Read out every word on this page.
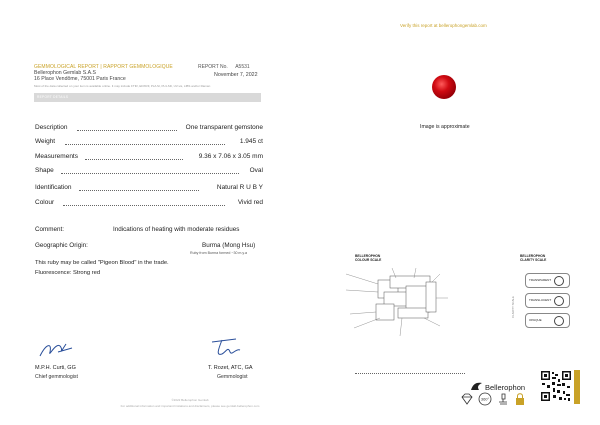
Verify this report at bellerophongemlab.com
GEMMOLOGICAL REPORT | RAPPORT GEMMOLOGIQUE
Bellerophon Gemlab S.A.S
16 Place Vendôme, 75001 Paris France
Most of the data collected on your item is available online. It may include FTIR, EDXRF, PL/LSI, PL/LSD, UV-vis, LIBS and/or Raman
REPORT No. A5531
November 7, 2022
REPORT DETAILS
Description	One transparent gemstone
Weight	1.945 ct
Measurements	9.36 x 7.06 x 3.05 mm
Shape	Oval
Identification	Natural R U B Y
Colour	Vivid red
Comment:	Indications of heating with moderate residues
Geographic Origin:	Burma (Mong Hsu)
Ruby from Burma formed ~30 m.y.a
This ruby may be called "Pigeon Blood" in the trade.
Fluorescence: Strong red
M.P.H. Curti, GG
Chief gemmologist
T. Rozet, ATC, GA
Gemmologist
©2022 Bellerophon Gemlab
For additional information and important limitations and disclaimers, please see gemlab.bellerophon.com
Image is approximate
BELLEROPHON COLOUR SCALE
BELLEROPHON CLARITY SCALE
CLARITY SCALE
TRANSPARENT
TRANSLUCENT
OPAQUE
Bellerophon
360°
